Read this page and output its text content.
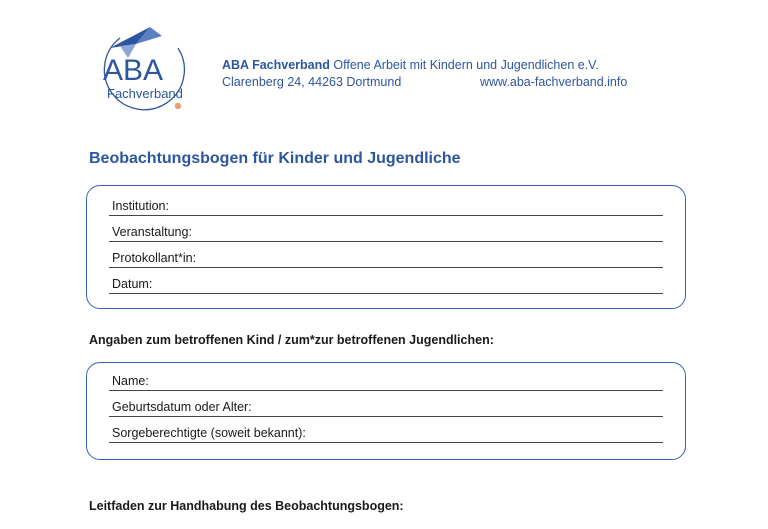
ABA
Fachverband
ABA Fachverband Offene Arbeit mit Kindern und Jugendlichen e.V.
Clarenberg 24, 44263 Dortmund	www.aba-fachverband.info
Beobachtungsbogen für Kinder und Jugendliche
Institution:
Veranstaltung:
Protokollant*in:
Datum:

Angaben zum betroffenen Kind / zum*zur betroffenen Jugendlichen:

Name:
Geburtsdatum oder Alter:
Sorgeberechtigte (soweit bekannt):

Leitfaden zur Handhabung des Beobachtungsbogen:
